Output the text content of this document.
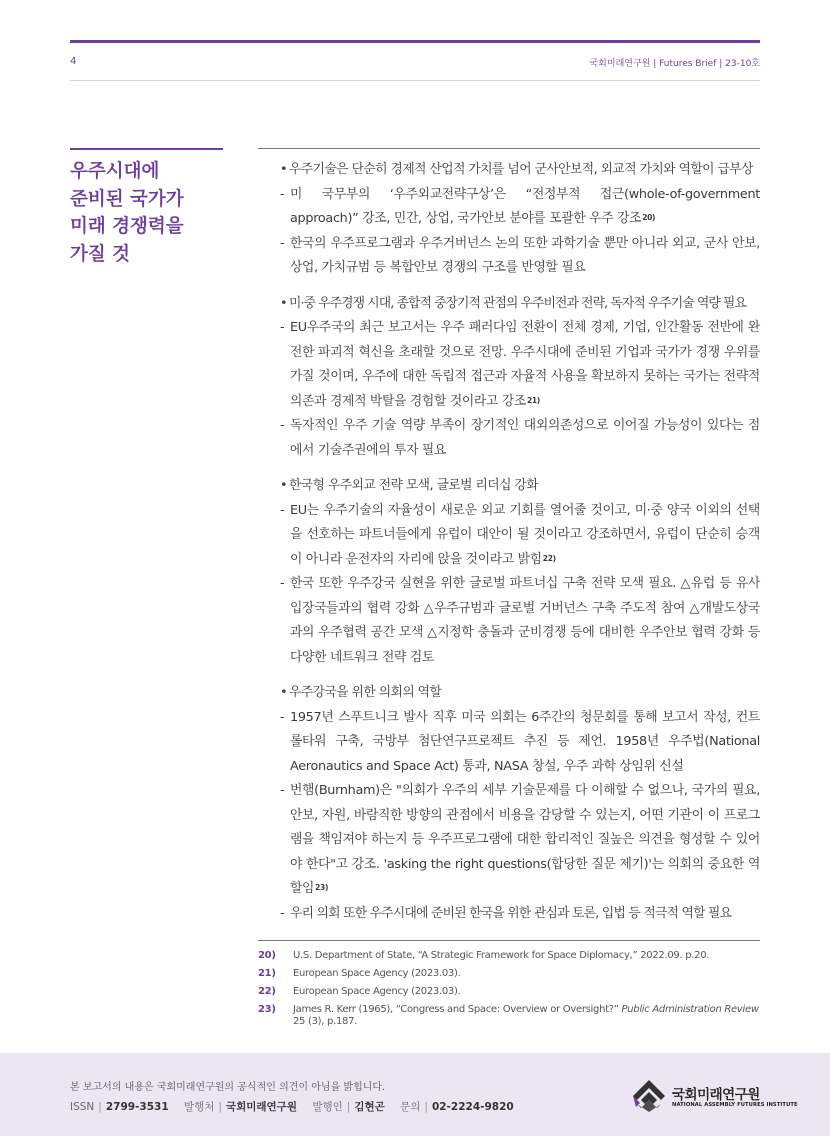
4	국회미래연구원 | Futures Brief | 23-10호
우주시대에
준비된 국가가
미래 경쟁력을
가질 것

• 우주기술은 단순히 경제적 산업적 가치를 넘어 군사안보적, 외교적 가치와 역할이 급부상

- 미 국무부의 ‘우주외교전략구상’은 “전정부적 접근(whole-of-government approach)” 강조, 민간, 상업, 국가안보 분야를 포괄한 우주 강조$^{20)}$

- 한국의 우주프로그램과 우주거버넌스 논의 또한 과학기술 뿐만 아니라 외교, 군사 안보, 상업, 가치규범 등 복합안보 경쟁의 구조를 반영할 필요

• 미·중 우주경쟁 시대, 종합적 중장기적 관점의 우주비전과 전략, 독자적 우주기술 역량 필요

- EU우주국의 최근 보고서는 우주 패러다임 전환이 전체 경제, 기업, 인간활동 전반에 완전한 파괴적 혁신을 초래할 것으로 전망. 우주시대에 준비된 기업과 국가가 경쟁 우위를 가질 것이며, 우주에 대한 독립적 접근과 자율적 사용을 확보하지 못하는 국가는 전략적 의존과 경제적 박탈을 경험할 것이라고 강조$^{21)}$

- 독자적인 우주 기술 역량 부족이 장기적인 대외의존성으로 이어질 가능성이 있다는 점에서 기술주권에의 투자 필요

• 한국형 우주외교 전략 모색, 글로벌 리더십 강화

- EU는 우주기술의 자율성이 새로운 외교 기회를 열어줄 것이고, 미·중 양국 이외의 선택을 선호하는 파트너들에게 유럽이 대안이 될 것이라고 강조하면서, 유럽이 단순히 승객이 아니라 운전자의 자리에 앉을 것이라고 밝힘$^{22)}$

- 한국 또한 우주강국 실현을 위한 글로벌 파트너십 구축 전략 모색 필요. △유럽 등 유사입장국들과의 협력 강화 △우주규범과 글로벌 거버넌스 구축 주도적 참여 △개발도상국과의 우주협력 공간 모색 △지정학 충돌과 군비경쟁 등에 대비한 우주안보 협력 강화 등 다양한 네트워크 전략 검토

• 우주강국을 위한 의회의 역할

- 1957년 스푸트니크 발사 직후 미국 의회는 6주간의 청문회를 통해 보고서 작성, 컨트롤타워 구축, 국방부 첨단연구프로젝트 추진 등 제언. 1958년 우주법(National Aeronautics and Space Act) 통과, NASA 창설, 우주 과학 상임위 신설

- 번햄(Burnham)은 "의회가 우주의 세부 기술문제를 다 이해할 수 없으나, 국가의 필요, 안보, 자원, 바람직한 방향의 관점에서 비용을 감당할 수 있는지, 어떤 기관이 이 프로그램을 책임져야 하는지 등 우주프로그램에 대한 합리적인 질높은 의견을 형성할 수 있어야 한다"고 강조. 'asking the right questions(합당한 질문 제기)'는 의회의 중요한 역할임$^{23)}$

- 우리 의회 또한 우주시대에 준비된 한국을 위한 관심과 토론, 입법 등 적극적 역할 필요

20)	U.S. Department of State, “A Strategic Framework for Space Diplomacy,” 2022.09. p.20.
21)	European Space Agency (2023.03).
22)	European Space Agency (2023.03).
23)	James R. Kerr (1965), “Congress and Space: Overview or Oversight?” Public Administration Review 25 (3), p.187.
본 보고서의 내용은 국회미래연구원의 공식적인 의견이 아님을 밝힙니다.
ISSN | 2799-3531 발행처 | 국회미래연구원 발행인 | 김현곤 문의 | 02-2224-9820
국회미래연구원
NATIONAL ASSEMBLY FUTURES INSTITUTE
